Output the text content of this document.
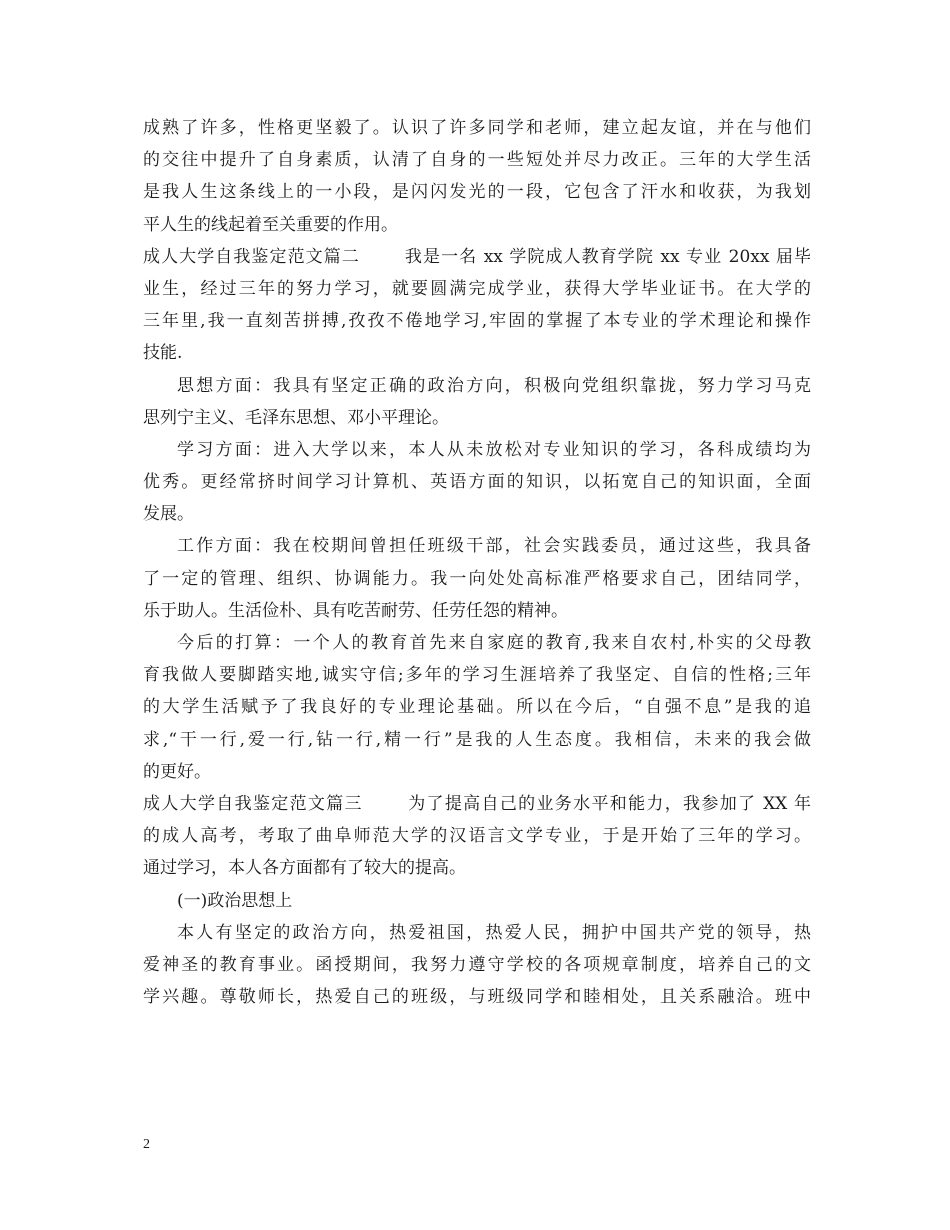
成熟了许多，性格更坚毅了。认识了许多同学和老师，建立起友谊，并在与他们
的交往中提升了自身素质，认清了自身的一些短处并尽力改正。三年的大学生活
是我人生这条线上的一小段，是闪闪发光的一段，它包含了汗水和收获，为我划
平人生的线起着至关重要的作用。
成人大学自我鉴定范文篇二	我是一名 xx 学院成人教育学院 xx 专业 20xx 届毕
业生，经过三年的努力学习，就要圆满完成学业，获得大学毕业证书。在大学的
三年里,我一直刻苦拼搏,孜孜不倦地学习,牢固的掌握了本专业的学术理论和操作
技能.
思想方面：我具有坚定正确的政治方向，积极向党组织靠拢，努力学习马克
思列宁主义、毛泽东思想、邓小平理论。
学习方面：进入大学以来，本人从未放松对专业知识的学习，各科成绩均为
优秀。更经常挤时间学习计算机、英语方面的知识，以拓宽自己的知识面，全面
发展。
工作方面：我在校期间曾担任班级干部，社会实践委员，通过这些，我具备
了一定的管理、组织、协调能力。我一向处处高标准严格要求自己，团结同学，
乐于助人。生活俭朴、具有吃苦耐劳、任劳任怨的精神。
今后的打算：一个人的教育首先来自家庭的教育,我来自农村,朴实的父母教
育我做人要脚踏实地,诚实守信;多年的学习生涯培养了我坚定、自信的性格;三年
的大学生活赋予了我良好的专业理论基础。所以在今后，“自强不息”是我的追
求,“干一行,爱一行,钻一行,精一行”是我的人生态度。我相信，未来的我会做
的更好。
成人大学自我鉴定范文篇三	为了提高自己的业务水平和能力，我参加了 XX 年
的成人高考，考取了曲阜师范大学的汉语言文学专业，于是开始了三年的学习。
通过学习，本人各方面都有了较大的提高。
(一)政治思想上
本人有坚定的政治方向，热爱祖国，热爱人民，拥护中国共产党的领导，热
爱神圣的教育事业。函授期间，我努力遵守学校的各项规章制度，培养自己的文
学兴趣。尊敬师长，热爱自己的班级，与班级同学和睦相处，且关系融洽。班中
2
